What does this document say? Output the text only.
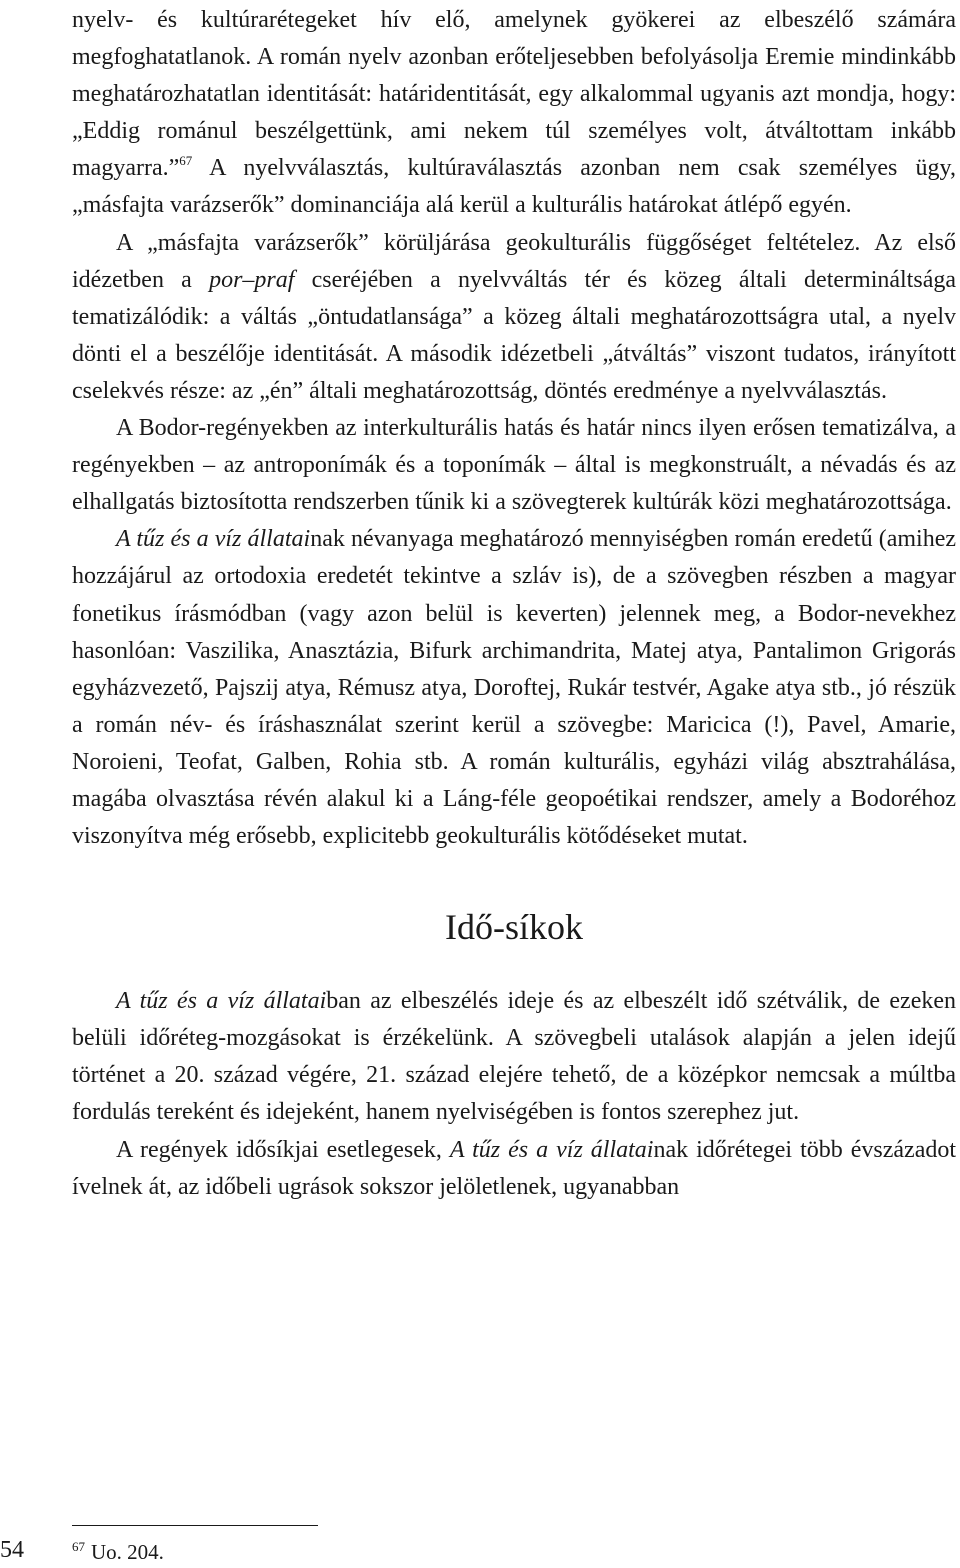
nyelv- és kultúrarétegeket hív elő, amelynek gyökerei az elbeszélő számára megfoghatatlanok. A román nyelv azonban erőteljesebben befolyásolja Eremie mindinkább meghatározhatatlan identitását: határidentitását, egy alkalommal ugyanis azt mondja, hogy: „Eddig románul beszélgettünk, ami nekem túl személyes volt, átváltottam inkább magyarra.”$^{67}$ A nyelvválasztás, kultúraválasztás azonban nem csak személyes ügy, „másfajta varázserők” dominanciája alá kerül a kulturális határokat átlépő egyén.

A „másfajta varázserők” körüljárása geokulturális függőséget feltételez. Az első idézetben a por–praf cseréjében a nyelvváltás tér és közeg általi determináltsága tematizálódik: a váltás „öntudatlansága” a közeg általi meghatározottságra utal, a nyelv dönti el a beszélője identitását. A második idézetbeli „átváltás” viszont tudatos, irányított cselekvés része: az „én” általi meghatározottság, döntés eredménye a nyelvválasztás.

A Bodor-regényekben az interkulturális hatás és határ nincs ilyen erősen tematizálva, a regényekben – az antroponímák és a toponímák – által is megkonstruált, a névadás és az elhallgatás biztosította rendszerben tűnik ki a szövegterek kultúrák közi meghatározottsága.

A tűz és a víz állatainak névanyaga meghatározó mennyiségben román eredetű (amihez hozzájárul az ortodoxia eredetét tekintve a szláv is), de a szövegben részben a magyar fonetikus írásmódban (vagy azon belül is keverten) jelennek meg, a Bodor-nevekhez hasonlóan: Vaszilika, Anasztázia, Bifurk archimandrita, Matej atya, Pantalimon Grigorás egyházvezető, Pajszij atya, Rémusz atya, Doroftej, Rukár testvér, Agake atya stb., jó részük a román név- és íráshasználat szerint kerül a szövegbe: Maricica (!), Pavel, Amarie, Noroieni, Teofat, Galben, Rohia stb. A román kulturális, egyházi világ absztrahálása, magába olvasztása révén alakul ki a Láng-féle geopoétikai rendszer, amely a Bodoréhoz viszonyítva még erősebb, explicitebb geokulturális kötődéseket mutat.

Idő-síkok

A tűz és a víz állataiban az elbeszélés ideje és az elbeszélt idő szétválik, de ezeken belüli időréteg-mozgásokat is érzékelünk. A szövegbeli utalások alapján a jelen idejű történet a 20. század végére, 21. század elejére tehető, de a középkor nemcsak a múltba fordulás tereként és idejeként, hanem nyelviségében is fontos szerephez jut.

A regények idősíkjai esetlegesek, A tűz és a víz állatainak időrétegei több évszázadot ívelnek át, az időbeli ugrások sokszor jelöletlenek, ugyanabban

$^{67}$ Uo. 204.

54
